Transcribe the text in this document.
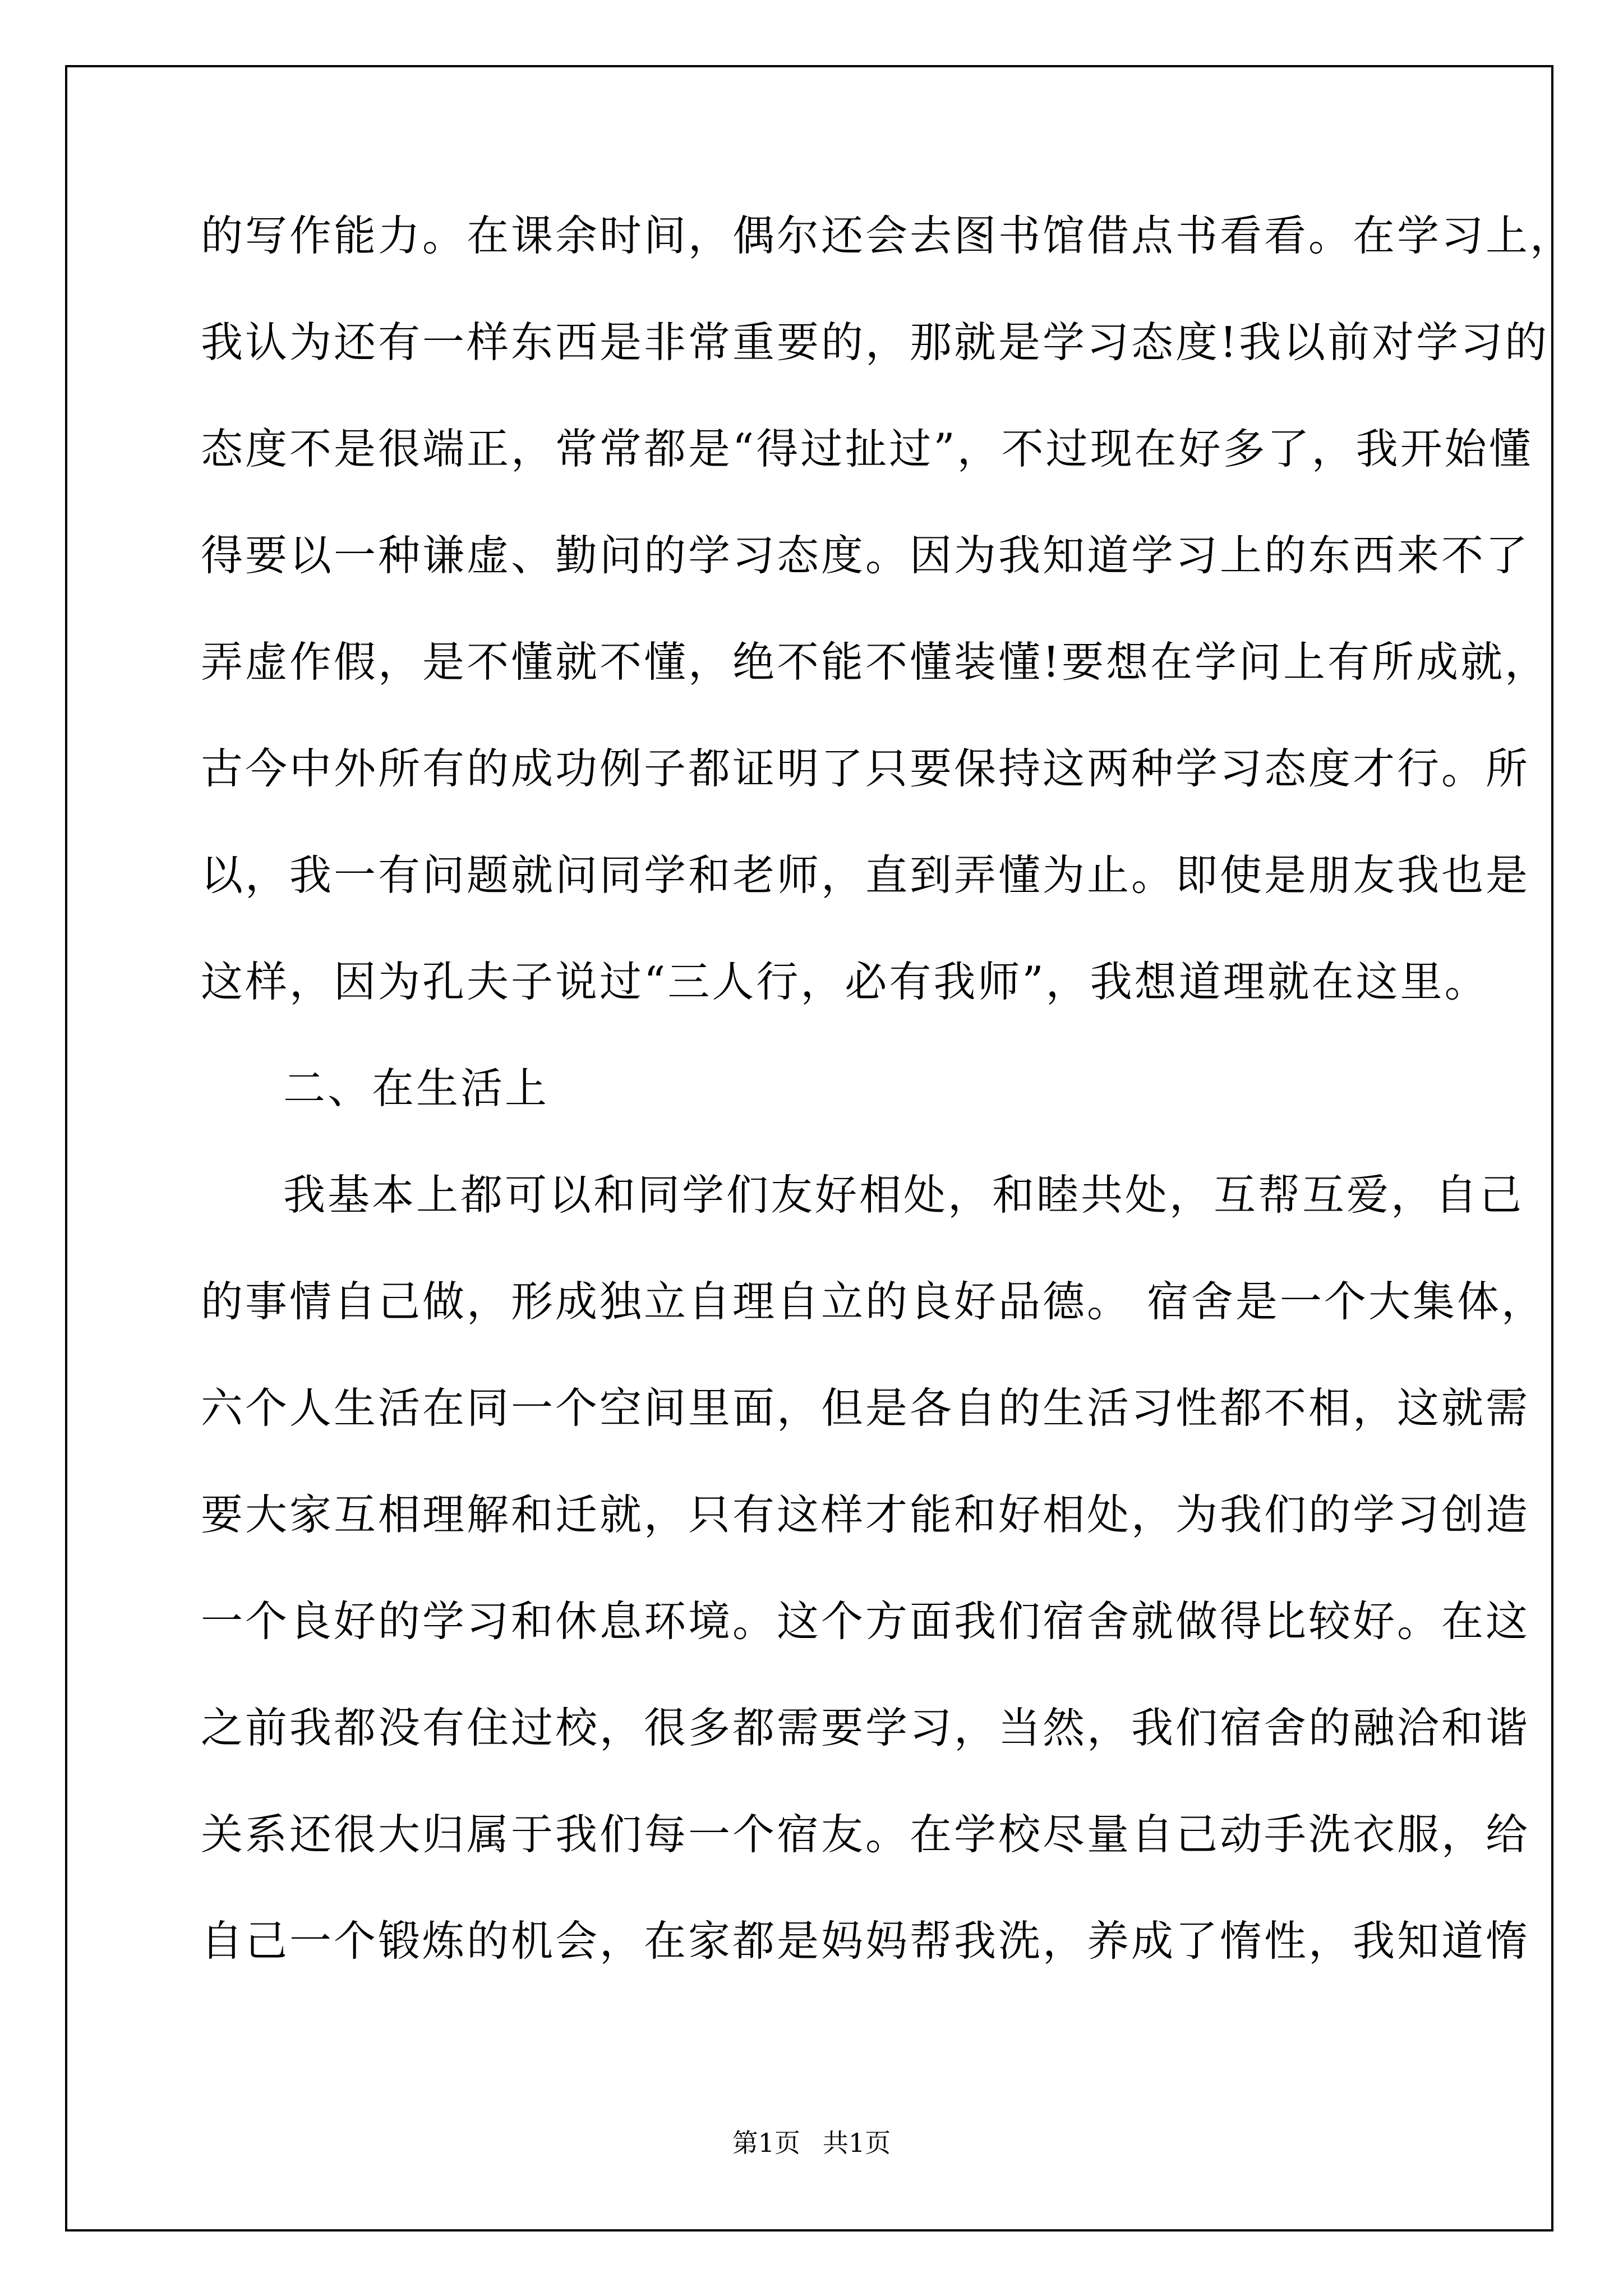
的写作能力。在课余时间，偶尔还会去图书馆借点书看看。在学习上，
我认为还有一样东西是非常重要的，那就是学习态度!我以前对学习的
态度不是很端正，常常都是“得过扯过”，不过现在好多了，我开始懂
得要以一种谦虚、勤问的学习态度。因为我知道学习上的东西来不了
弄虚作假，是不懂就不懂，绝不能不懂装懂!要想在学问上有所成就，
古今中外所有的成功例子都证明了只要保持这两种学习态度才行。所
以，我一有问题就问同学和老师，直到弄懂为止。即使是朋友我也是
这样，因为孔夫子说过“三人行，必有我师”，我想道理就在这里。
二、在生活上
我基本上都可以和同学们友好相处，和睦共处，互帮互爱，自己
的事情自己做，形成独立自理自立的良好品德。 宿舍是一个大集体，
六个人生活在同一个空间里面，但是各自的生活习性都不相，这就需
要大家互相理解和迁就，只有这样才能和好相处，为我们的学习创造
一个良好的学习和休息环境。这个方面我们宿舍就做得比较好。在这
之前我都没有住过校，很多都需要学习，当然，我们宿舍的融洽和谐
关系还很大归属于我们每一个宿友。在学校尽量自己动手洗衣服，给
自己一个锻炼的机会，在家都是妈妈帮我洗，养成了惰性，我知道惰
第1页 共1页
